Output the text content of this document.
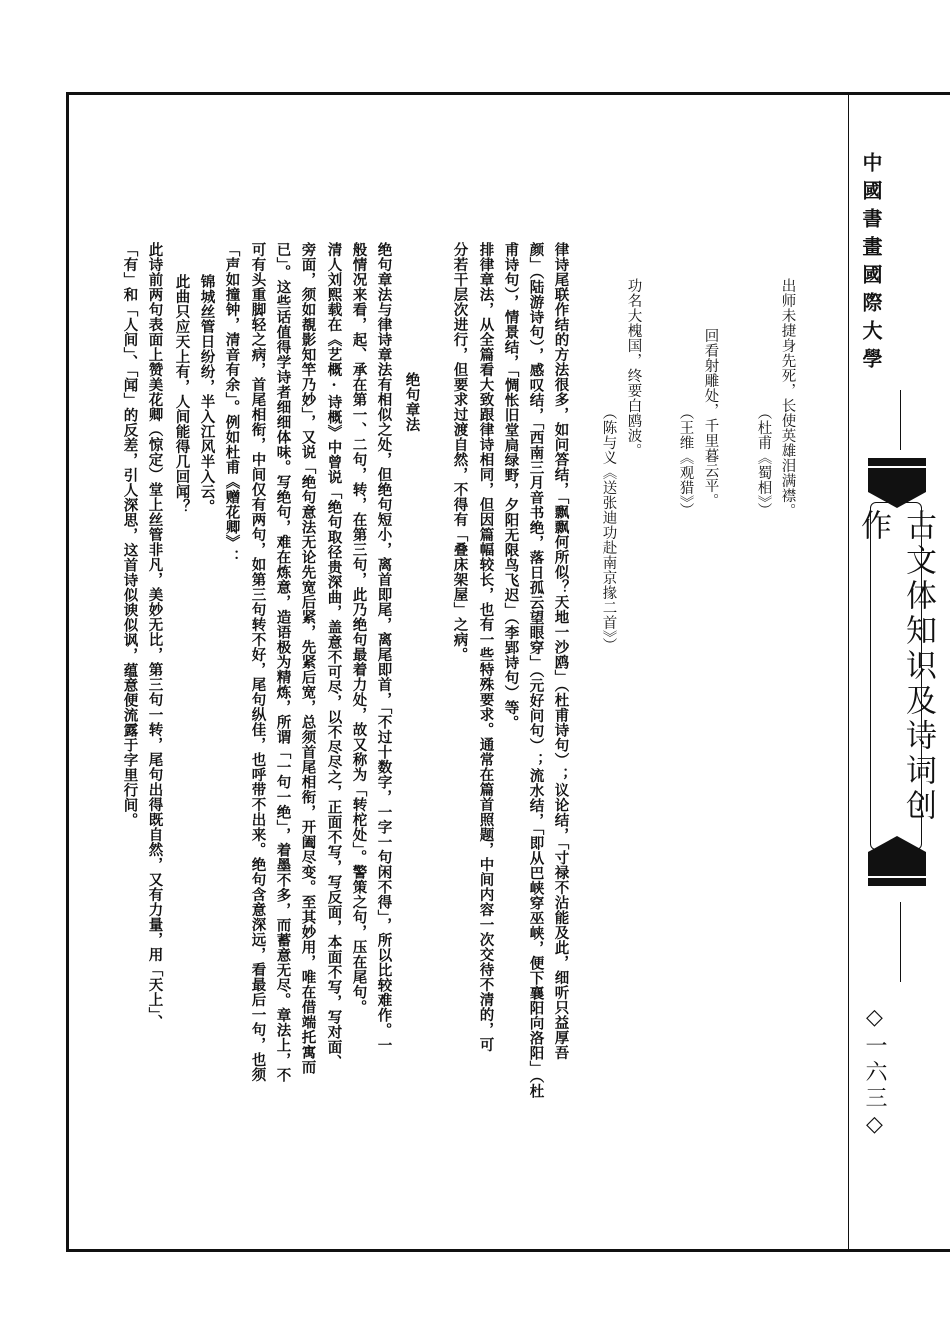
中國書畫國際大學
古文体知识及诗词创作
◇一六三◇
出师未捷身先死，长使英雄泪满襟。
（杜甫《蜀相》）
回看射雕处，千里暮云平。
（王维《观猎》）
功名大槐国，终要白鸥波。
（陈与义《送张迪功赴南京掾二首》）
律诗尾联作结的方法很多，如问答结，「飘飘何所似？天地一沙鸥」（杜甫诗句）；议论结，「寸禄不沾能及此，细听只益厚吾
颜」（陆游诗句），感叹结，「西南三月音书绝，落日孤云望眼穿」（元好问句）；流水结，「即从巴峡穿巫峡，便下襄阳向洛阳」（杜
甫诗句），情景结，「惆怅旧堂扃绿野，夕阳无限鸟飞迟」（李郢诗句）等。
排律章法，从全篇看大致跟律诗相同，但因篇幅较长，也有一些特殊要求。通常在篇首照题，中间内容一次交待不清的，可
分若干层次进行，但要求过渡自然，不得有「叠床架屋」之病。
绝句章法
绝句章法与律诗章法有相似之处，但绝句短小，离首即尾，离尾即首，「不过十数字，一字一句闲不得」，所以比较难作。一
般情况来看，起、承在第一、二句，转，在第三句，此乃绝句最着力处，故又称为「转柁处」。警策之句，压在尾句。
清人刘熙载在《艺概·诗概》中曾说「绝句取径贵深曲，盖意不可尽，以不尽尽之，正面不写，写反面，本面不写，写对面、
旁面，须如覩影知竿乃妙」，又说「绝句意法无论先宽后紧，先紧后宽，总须首尾相衔，开阖尽变。至其妙用，唯在借端托寓而
已」。这些话值得学诗者细细体味。写绝句，难在炼意，造语极为精炼，所谓「一句一绝」，着墨不多，而蓄意无尽。章法上，不
可有头重脚轻之病，首尾相衔，中间仅有两句，如第三句转不好，尾句纵佳，也呼带不出来。绝句含意深远，看最后一句，也须
「声如撞钟，清音有余」。例如杜甫《赠花卿》：
锦城丝管日纷纷，半入江风半入云。
此曲只应天上有，人间能得几回闻？
此诗前两句表面上赞美花卿（惊定）堂上丝管非凡，美妙无比，第三句一转，尾句出得既自然，又有力量，用「天上」、
「有」和「人间」、「闻」的反差，引人深思，这首诗似谀似讽，蕴意便流露于字里行间。
